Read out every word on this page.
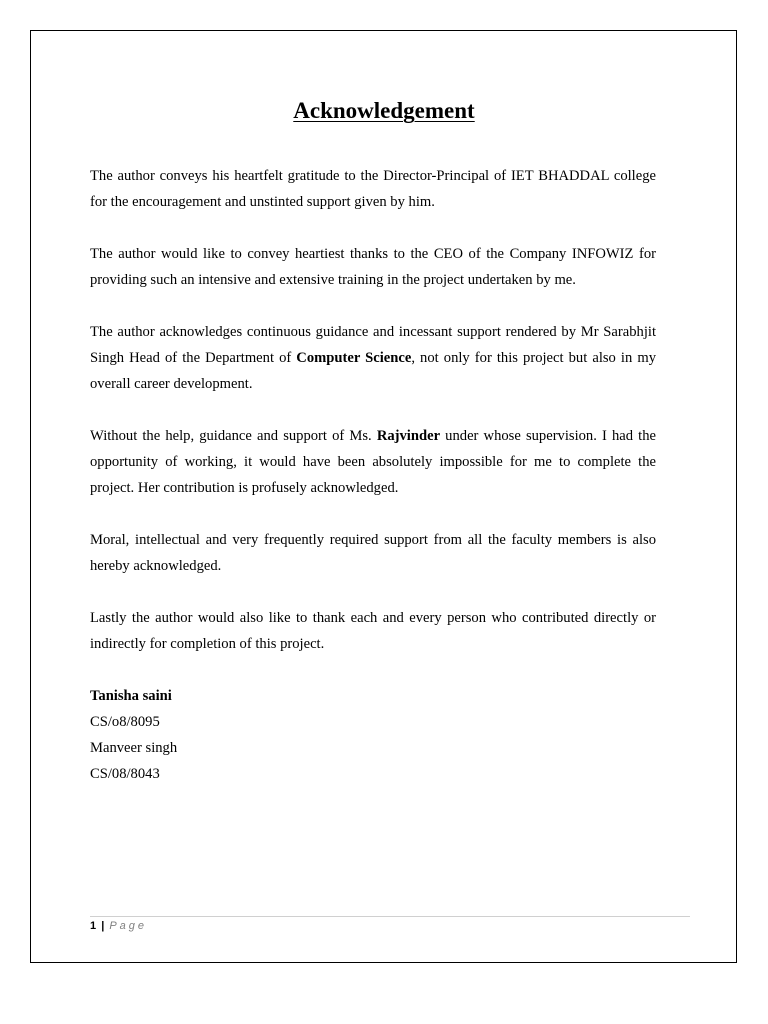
Acknowledgement

The author conveys his heartfelt gratitude to the Director-Principal of IET BHADDAL college for the encouragement and unstinted support given by him.

The author would like to convey heartiest thanks to the CEO of the Company INFOWIZ for providing such an intensive and extensive training in the project undertaken by me.

The author acknowledges continuous guidance and incessant support rendered by Mr Sarabhjit Singh Head of the Department of Computer Science, not only for this project but also in my overall career development.

Without the help, guidance and support of Ms. Rajvinder under whose supervision. I had the opportunity of working, it would have been absolutely impossible for me to complete the project. Her contribution is profusely acknowledged.

Moral, intellectual and very frequently required support from all the faculty members is also hereby acknowledged.

Lastly the author would also like to thank each and every person who contributed directly or indirectly for completion of this project.

Tanisha saini

CS/o8/8095

Manveer singh

CS/08/8043

1 | Page
